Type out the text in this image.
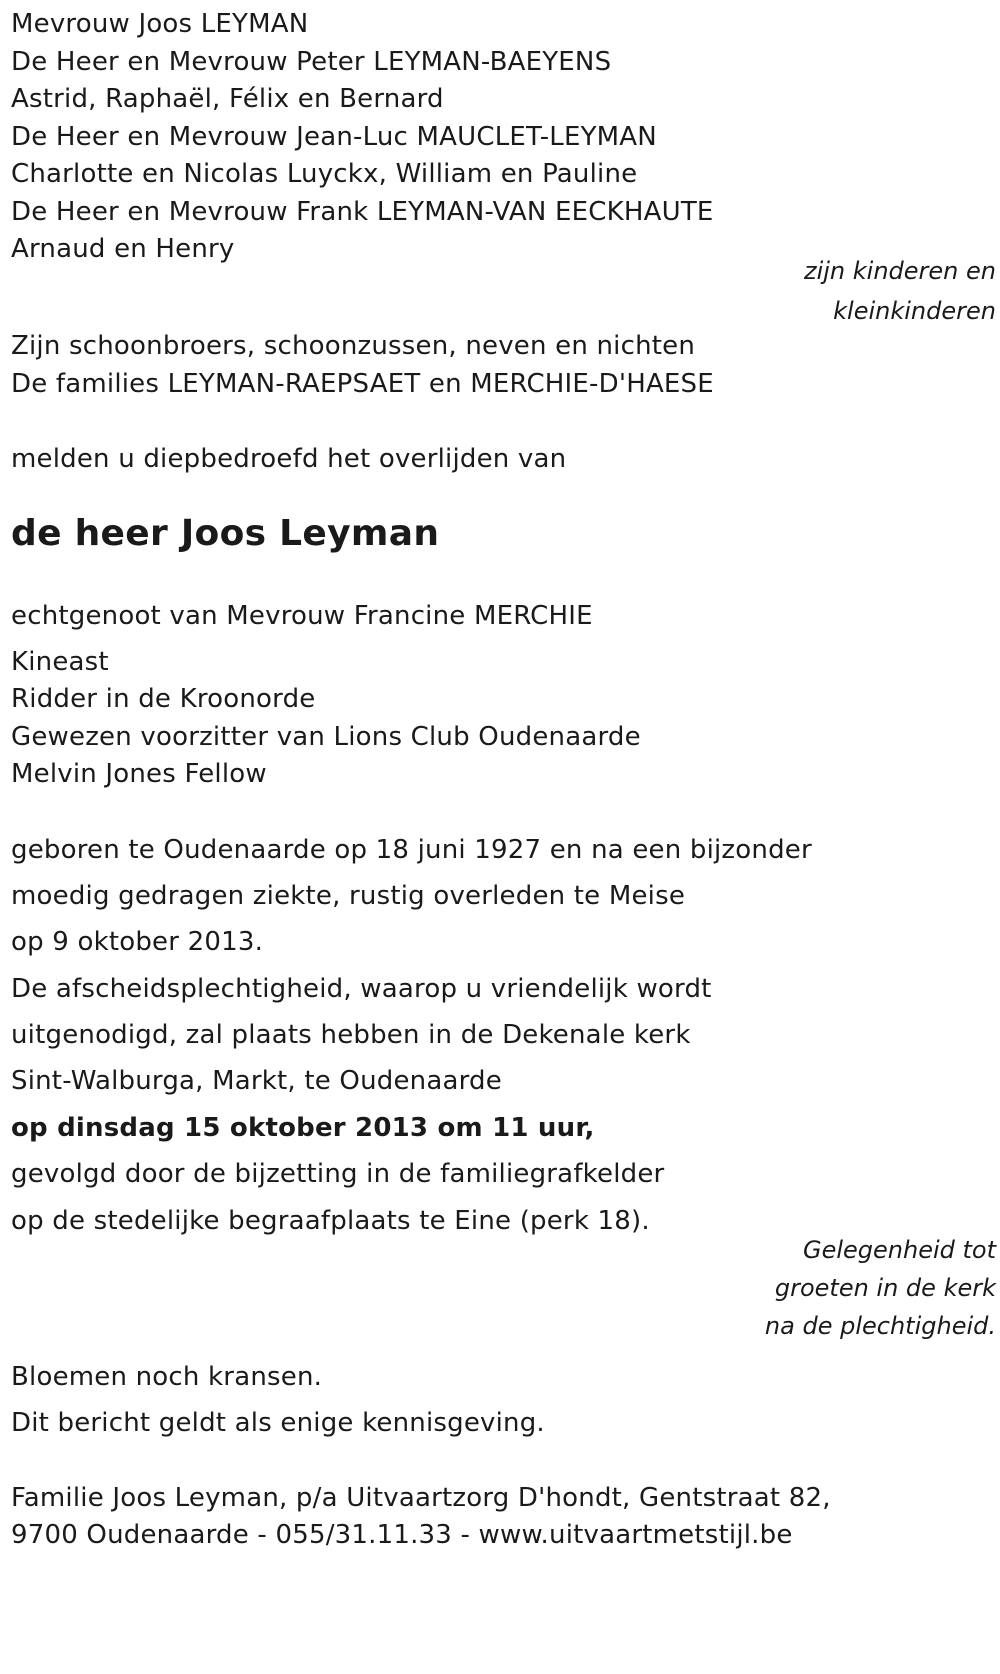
Mevrouw Joos LEYMAN
De Heer en Mevrouw Peter LEYMAN-BAEYENS
Astrid, Raphaël, Félix en Bernard
De Heer en Mevrouw Jean-Luc MAUCLET-LEYMAN
Charlotte en Nicolas Luyckx, William en Pauline
De Heer en Mevrouw Frank LEYMAN-VAN EECKHAUTE
Arnaud en Henry
zijn kinderen en
kleinkinderen
Zijn schoonbroers, schoonzussen, neven en nichten
De families LEYMAN-RAEPSAET en MERCHIE-D'HAESE
melden u diepbedroefd het overlijden van
de heer Joos Leyman
echtgenoot van Mevrouw Francine MERCHIE
Kineast
Ridder in de Kroonorde
Gewezen voorzitter van Lions Club Oudenaarde
Melvin Jones Fellow
geboren te Oudenaarde op 18 juni 1927 en na een bijzonder
moedig gedragen ziekte, rustig overleden te Meise
op 9 oktober 2013.
De afscheidsplechtigheid, waarop u vriendelijk wordt
uitgenodigd, zal plaats hebben in de Dekenale kerk
Sint-Walburga, Markt, te Oudenaarde
op dinsdag 15 oktober 2013 om 11 uur,
gevolgd door de bijzetting in de familiegrafkelder
op de stedelijke begraafplaats te Eine (perk 18).
Gelegenheid tot
groeten in de kerk
na de plechtigheid.
Bloemen noch kransen.
Dit bericht geldt als enige kennisgeving.
Familie Joos Leyman, p/a Uitvaartzorg D'hondt, Gentstraat 82,
9700 Oudenaarde - 055/31.11.33 - www.uitvaartmetstijl.be
